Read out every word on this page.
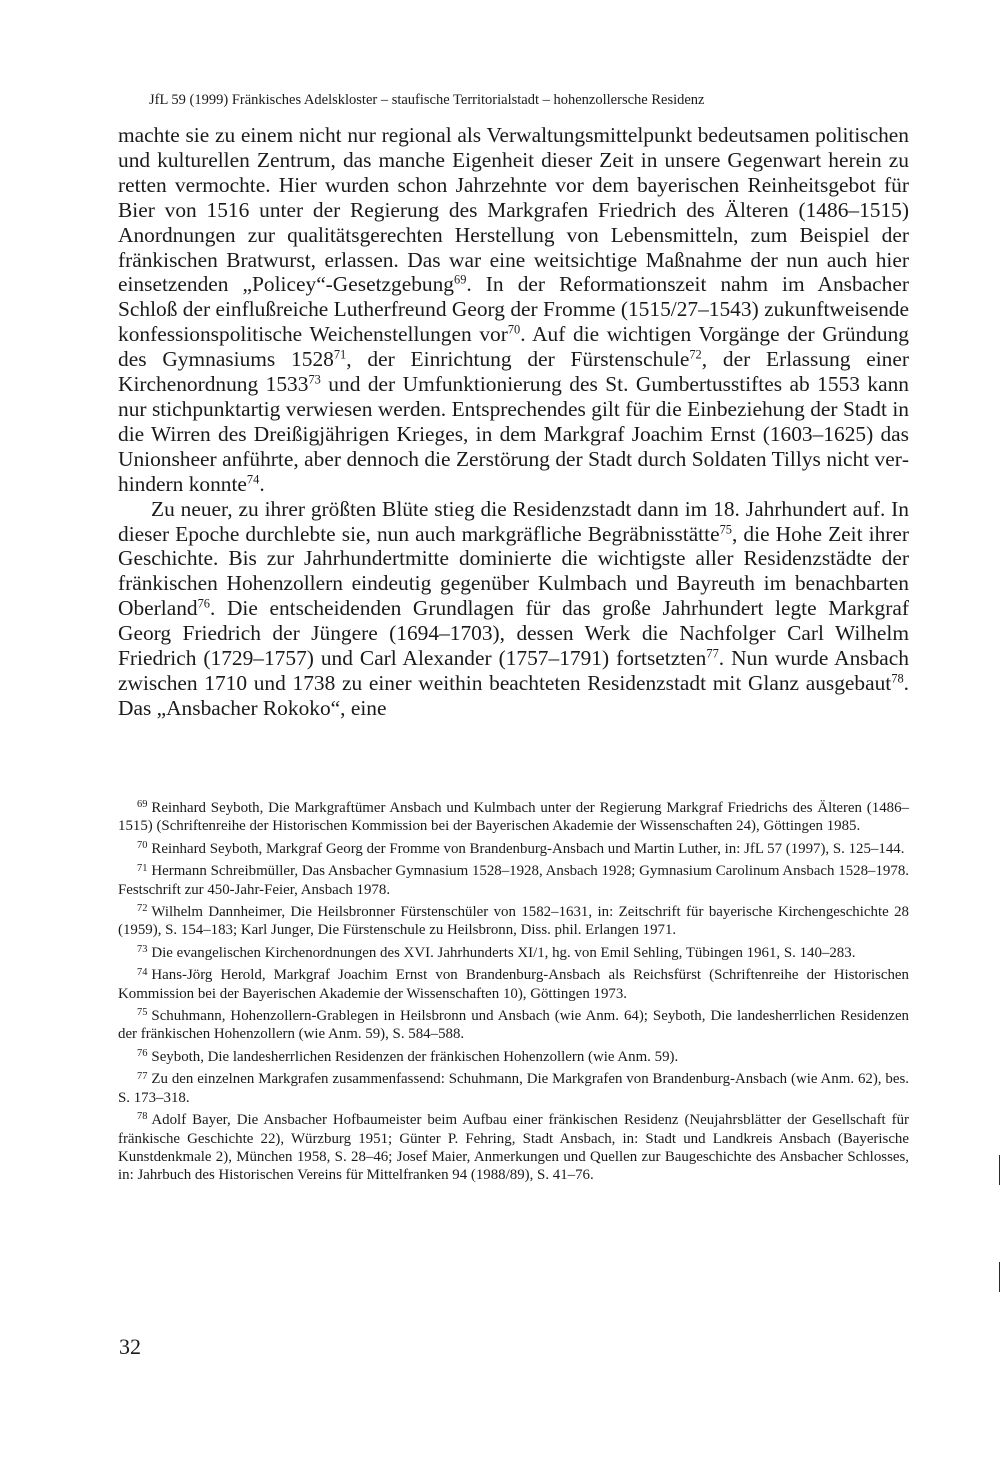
JfL 59 (1999) Fränkisches Adelskloster – staufische Territorialstadt – hohenzollersche Residenz

machte sie zu einem nicht nur regional als Verwaltungsmittelpunkt bedeutsamen politischen und kulturellen Zentrum, das manche Eigenheit dieser Zeit in unsere Gegenwart herein zu retten vermochte. Hier wurden schon Jahrzehnte vor dem bayerischen Reinheitsgebot für Bier von 1516 unter der Regierung des Markgrafen Friedrich des Älteren (1486–1515) Anordnungen zur qualitätsgerechten Herstellung von Lebensmitteln, zum Beispiel der fränkischen Bratwurst, erlassen. Das war eine weitsichtige Maßnahme der nun auch hier einsetzenden „Policey“-Gesetzgebung$^{69}$. In der Reformationszeit nahm im Ansbacher Schloß der einflußreiche Lutherfreund Georg der Fromme (1515/27–1543) zukunftweisende konfessionspolitische Weichenstellungen vor$^{70}$. Auf die wichtigen Vorgänge der Gründung des Gymnasiums 1528$^{71}$, der Einrichtung der Fürstenschule$^{72}$, der Erlassung einer Kirchenordnung 1533$^{73}$ und der Umfunktionierung des St. Gumbertusstiftes ab 1553 kann nur stichpunktartig verwiesen werden. Entsprechendes gilt für die Einbeziehung der Stadt in die Wirren des Dreißigjährigen Krieges, in dem Markgraf Joachim Ernst (1603–1625) das Unionsheer anführte, aber dennoch die Zerstörung der Stadt durch Soldaten Tillys nicht verhindern konnte$^{74}$.

Zu neuer, zu ihrer größten Blüte stieg die Residenzstadt dann im 18. Jahrhundert auf. In dieser Epoche durchlebte sie, nun auch markgräfliche Begräbnisstätte$^{75}$, die Hohe Zeit ihrer Geschichte. Bis zur Jahrhundertmitte dominierte die wichtigste aller Residenzstädte der fränkischen Hohenzollern eindeutig gegenüber Kulmbach und Bayreuth im benachbarten Oberland$^{76}$. Die entscheidenden Grundlagen für das große Jahrhundert legte Markgraf Georg Friedrich der Jüngere (1694–1703), dessen Werk die Nachfolger Carl Wilhelm Friedrich (1729–1757) und Carl Alexander (1757–1791) fortsetzten$^{77}$. Nun wurde Ansbach zwischen 1710 und 1738 zu einer weithin beachteten Residenzstadt mit Glanz ausgebaut$^{78}$. Das „Ansbacher Rokoko“, eine

$^{69}$ Reinhard Seyboth, Die Markgraftümer Ansbach und Kulmbach unter der Regierung Markgraf Friedrichs des Älteren (1486–1515) (Schriftenreihe der Historischen Kommission bei der Bayerischen Akademie der Wissenschaften 24), Göttingen 1985.

$^{70}$ Reinhard Seyboth, Markgraf Georg der Fromme von Brandenburg-Ansbach und Martin Luther, in: JfL 57 (1997), S. 125–144.

$^{71}$ Hermann Schreibmüller, Das Ansbacher Gymnasium 1528–1928, Ansbach 1928; Gymnasium Carolinum Ansbach 1528–1978. Festschrift zur 450-Jahr-Feier, Ansbach 1978.

$^{72}$ Wilhelm Dannheimer, Die Heilsbronner Fürstenschüler von 1582–1631, in: Zeitschrift für bayerische Kirchengeschichte 28 (1959), S. 154–183; Karl Junger, Die Fürstenschule zu Heilsbronn, Diss. phil. Erlangen 1971.

$^{73}$ Die evangelischen Kirchenordnungen des XVI. Jahrhunderts XI/1, hg. von Emil Sehling, Tübingen 1961, S. 140–283.

$^{74}$ Hans-Jörg Herold, Markgraf Joachim Ernst von Brandenburg-Ansbach als Reichsfürst (Schriftenreihe der Historischen Kommission bei der Bayerischen Akademie der Wissenschaften 10), Göttingen 1973.

$^{75}$ Schuhmann, Hohenzollern-Grablegen in Heilsbronn und Ansbach (wie Anm. 64); Seyboth, Die landesherrlichen Residenzen der fränkischen Hohenzollern (wie Anm. 59), S. 584–588.

$^{76}$ Seyboth, Die landesherrlichen Residenzen der fränkischen Hohenzollern (wie Anm. 59).

$^{77}$ Zu den einzelnen Markgrafen zusammenfassend: Schuhmann, Die Markgrafen von Brandenburg-Ansbach (wie Anm. 62), bes. S. 173–318.

$^{78}$ Adolf Bayer, Die Ansbacher Hofbaumeister beim Aufbau einer fränkischen Residenz (Neujahrsblätter der Gesellschaft für fränkische Geschichte 22), Würzburg 1951; Günter P. Fehring, Stadt Ansbach, in: Stadt und Landkreis Ansbach (Bayerische Kunstdenkmale 2), München 1958, S. 28–46; Josef Maier, Anmerkungen und Quellen zur Baugeschichte des Ansbacher Schlosses, in: Jahrbuch des Historischen Vereins für Mittelfranken 94 (1988/89), S. 41–76.

32
